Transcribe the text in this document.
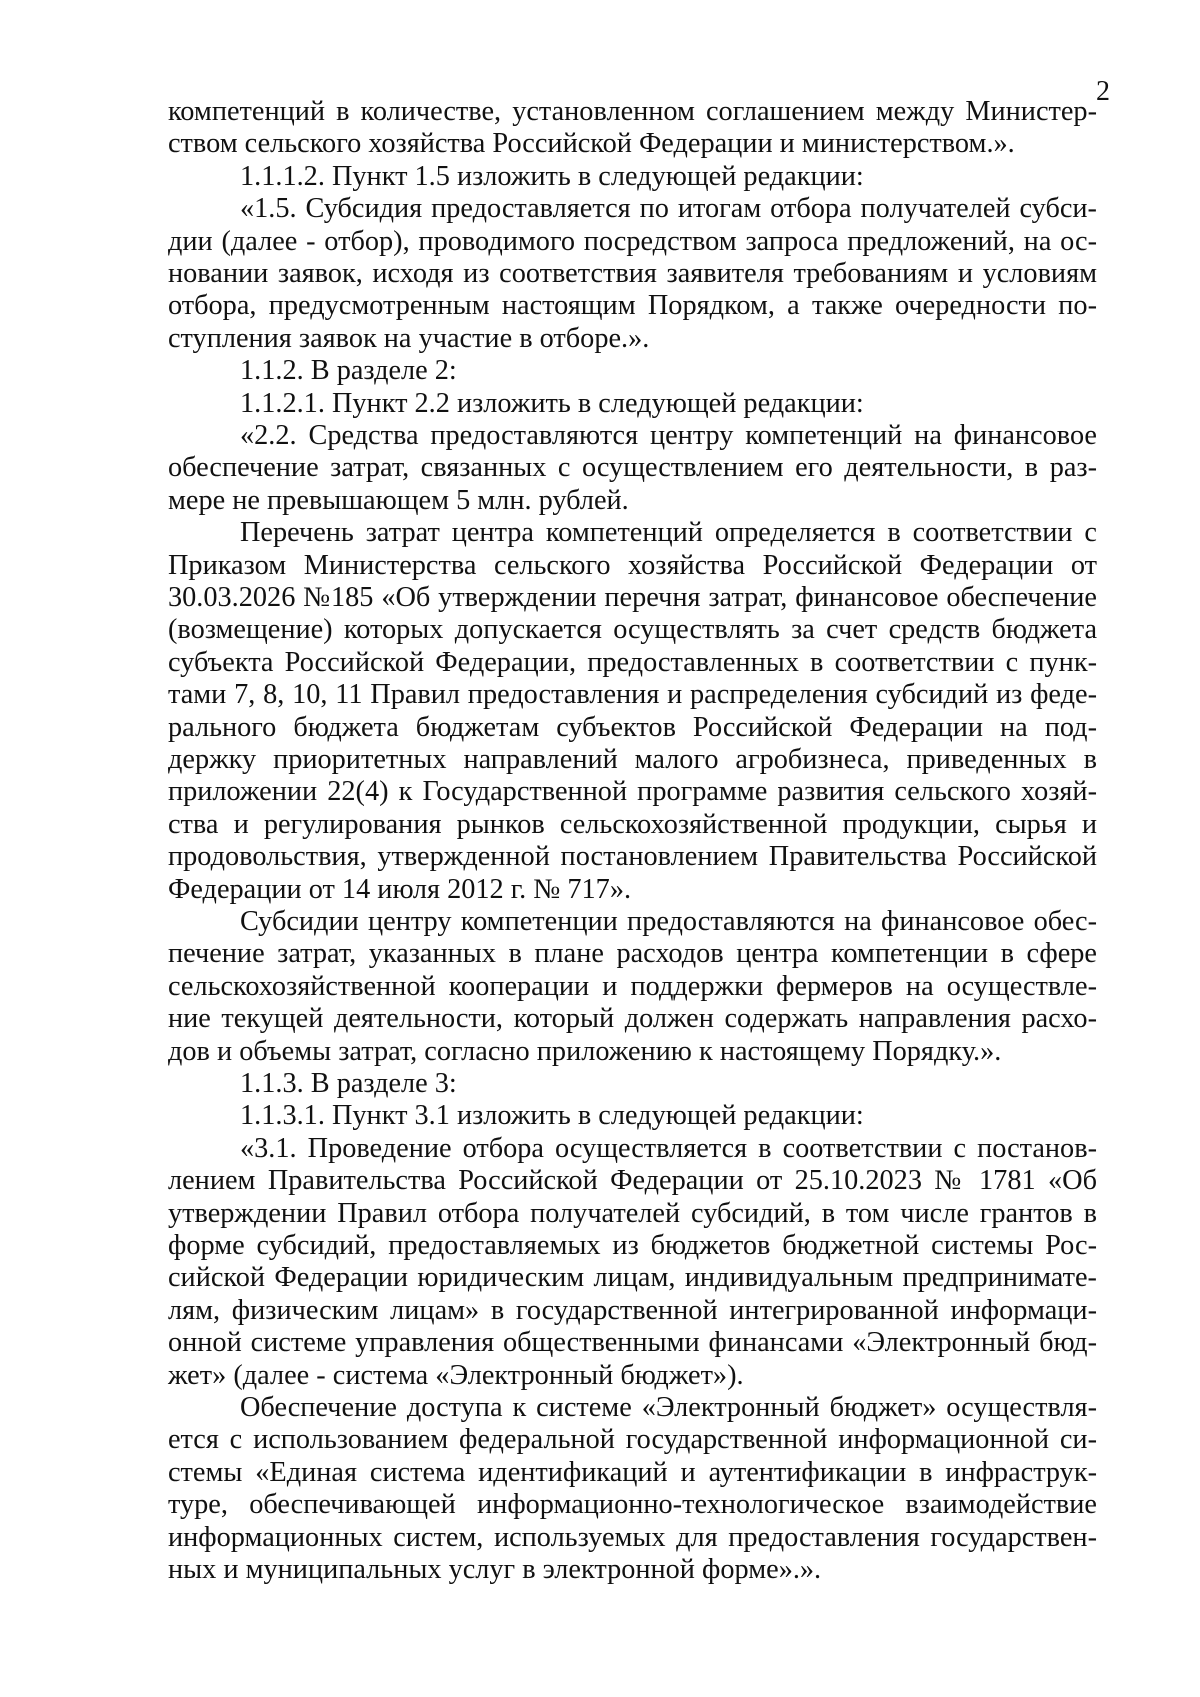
2
компетенций в количестве, установленном соглашением между Министер-
ством сельского хозяйства Российской Федерации и министерством.».
1.1.1.2. Пункт 1.5 изложить в следующей редакции:
«1.5. Субсидия предоставляется по итогам отбора получателей субси-
дии (далее - отбор), проводимого посредством запроса предложений, на ос-
новании заявок, исходя из соответствия заявителя требованиям и условиям
отбора, предусмотренным настоящим Порядком, а также очередности по-
ступления заявок на участие в отборе.».
1.1.2. В разделе 2:
1.1.2.1. Пункт 2.2 изложить в следующей редакции:
«2.2. Средства предоставляются центру компетенций на финансовое
обеспечение затрат, связанных с осуществлением его деятельности, в раз-
мере не превышающем 5 млн. рублей.
Перечень затрат центра компетенций определяется в соответствии с
Приказом Министерства сельского хозяйства Российской Федерации от
30.03.2026 №185 «Об утверждении перечня затрат, финансовое обеспечение
(возмещение) которых допускается осуществлять за счет средств бюджета
субъекта Российской Федерации, предоставленных в соответствии с пунк-
тами 7, 8, 10, 11 Правил предоставления и распределения субсидий из феде-
рального бюджета бюджетам субъектов Российской Федерации на под-
держку приоритетных направлений малого агробизнеса, приведенных в
приложении 22(4) к Государственной программе развития сельского хозяй-
ства и регулирования рынков сельскохозяйственной продукции, сырья и
продовольствия, утвержденной постановлением Правительства Российской
Федерации от 14 июля 2012 г. № 717».
Субсидии центру компетенции предоставляются на финансовое обес-
печение затрат, указанных в плане расходов центра компетенции в сфере
сельскохозяйственной кооперации и поддержки фермеров на осуществле-
ние текущей деятельности, который должен содержать направления расхо-
дов и объемы затрат, согласно приложению к настоящему Порядку.».
1.1.3. В разделе 3:
1.1.3.1. Пункт 3.1 изложить в следующей редакции:
«3.1. Проведение отбора осуществляется в соответствии с постанов-
лением Правительства Российской Федерации от 25.10.2023 № 1781 «Об
утверждении Правил отбора получателей субсидий, в том числе грантов в
форме субсидий, предоставляемых из бюджетов бюджетной системы Рос-
сийской Федерации юридическим лицам, индивидуальным предпринимате-
лям, физическим лицам» в государственной интегрированной информаци-
онной системе управления общественными финансами «Электронный бюд-
жет» (далее - система «Электронный бюджет»).
Обеспечение доступа к системе «Электронный бюджет» осуществля-
ется с использованием федеральной государственной информационной си-
стемы «Единая система идентификаций и аутентификации в инфраструк-
туре, обеспечивающей информационно-технологическое взаимодействие
информационных систем, используемых для предоставления государствен-
ных и муниципальных услуг в электронной форме».».
